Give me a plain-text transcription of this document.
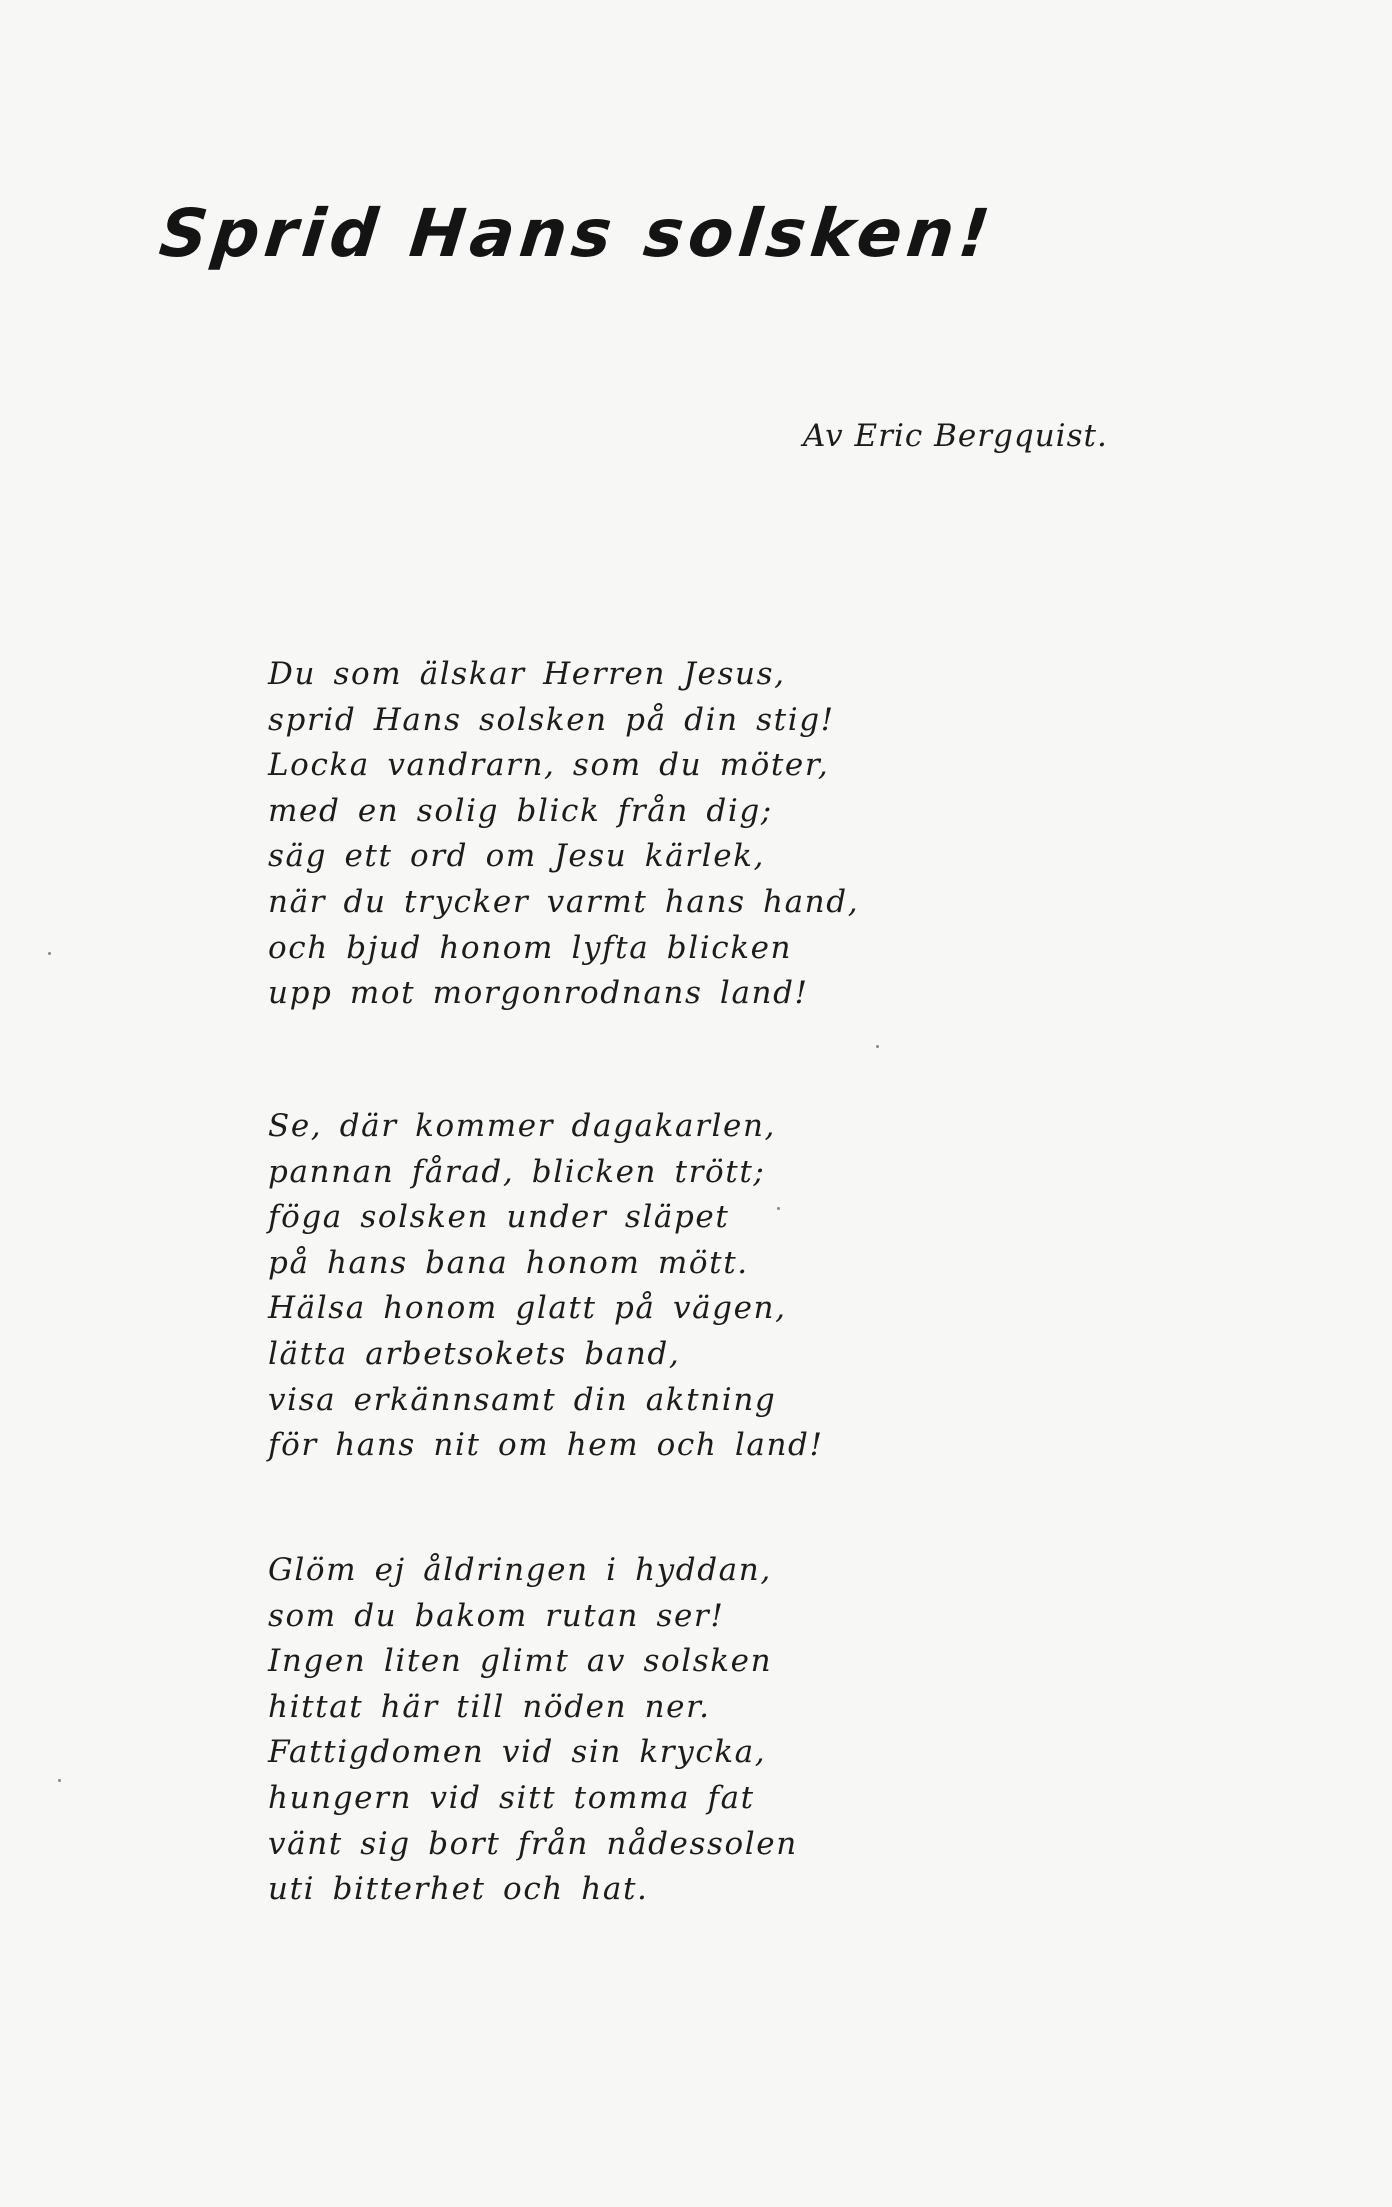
Sprid Hans solsken!
Av Eric Bergquist.
Du som älskar Herren Jesus,
sprid Hans solsken på din stig!
Locka vandrarn, som du möter,
med en solig blick från dig;
säg ett ord om Jesu kärlek,
när du trycker varmt hans hand,
och bjud honom lyfta blicken
upp mot morgonrodnans land!
Se, där kommer dagakarlen,
pannan fårad, blicken trött;
föga solsken under släpet
på hans bana honom mött.
Hälsa honom glatt på vägen,
lätta arbetsokets band,
visa erkännsamt din aktning
för hans nit om hem och land!
Glöm ej åldringen i hyddan,
som du bakom rutan ser!
Ingen liten glimt av solsken
hittat här till nöden ner.
Fattigdomen vid sin krycka,
hungern vid sitt tomma fat
vänt sig bort från nådessolen
uti bitterhet och hat.
